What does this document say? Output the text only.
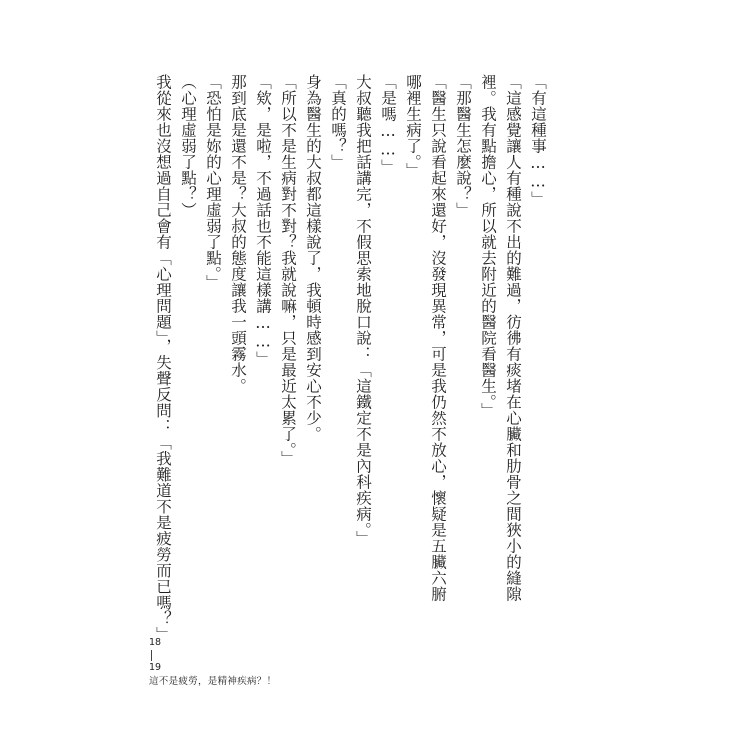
「有這種事……」

「這感覺讓人有種說不出的難過，彷彿有痰堵在心臟和肋骨之間狹小的縫隙裡。我有點擔心，所以就去附近的醫院看醫生。」

「那醫生怎麼說？」

「醫生只說看起來還好，沒發現異常，可是我仍然不放心，懷疑是五臟六腑哪裡生病了。」

「是嗎……」

大叔聽我把話講完，不假思索地脫口說：「這鐵定不是內科疾病。」

「真的嗎？」

身為醫生的大叔都這樣說了，我頓時感到安心不少。

「所以不是生病對不對？我就說嘛，只是最近太累了。」

「欸，是啦，不過話也不能這樣講……」

那到底是還不是？大叔的態度讓我一頭霧水。

「恐怕是妳的心理虛弱了點。」

（心理虛弱了點？）

我從來也沒想過自己會有「心理問題」，失聲反問：「我難道不是疲勞而已嗎？」

18
19
這不是疲勞，是精神疾病？！
